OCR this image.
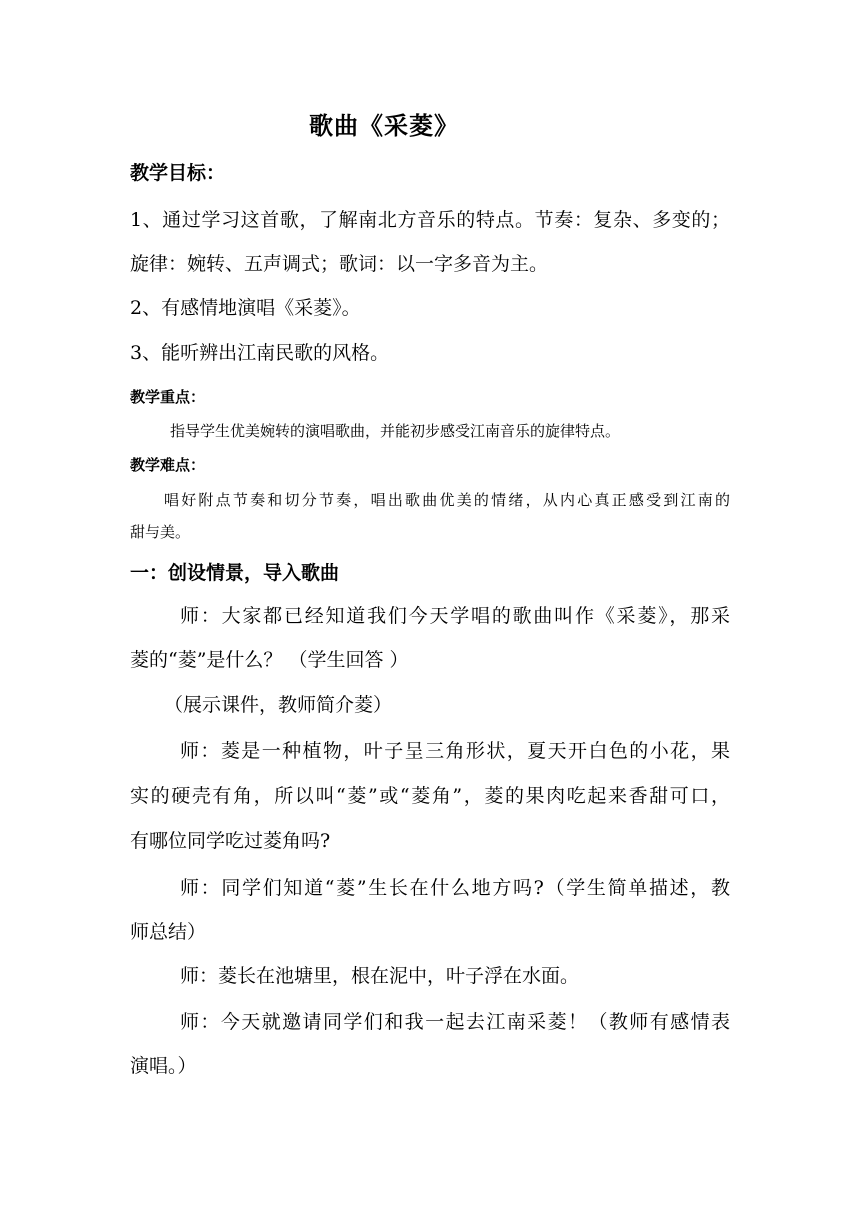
歌曲《采菱》
教学目标：
1、通过学习这首歌，了解南北方音乐的特点。节奏：复杂、多变的；
旋律：婉转、五声调式；歌词：以一字多音为主。
2、有感情地演唱《采菱》。
3、能听辨出江南民歌的风格。
教学重点：
指导学生优美婉转的演唱歌曲，并能初步感受江南音乐的旋律特点。
教学难点：
唱好附点节奏和切分节奏，唱出歌曲优美的情绪，从内心真正感受到江南的
甜与美。
一：创设情景，导入歌曲
师：大家都已经知道我们今天学唱的歌曲叫作《采菱》，那采
菱的“菱”是什么？ （学生回答 ）
（展示课件，教师简介菱）
师：菱是一种植物，叶子呈三角形状，夏天开白色的小花，果
实的硬壳有角，所以叫“菱”或“菱角”，菱的果肉吃起来香甜可口，
有哪位同学吃过菱角吗?
师：同学们知道“菱”生长在什么地方吗?（学生简单描述，教
师总结）
师：菱长在池塘里，根在泥中，叶子浮在水面。
师：今天就邀请同学们和我一起去江南采菱！（教师有感情表
演唱。）
